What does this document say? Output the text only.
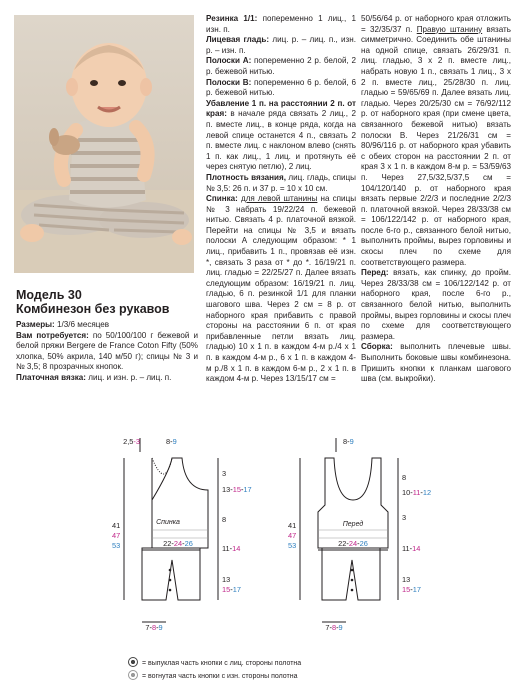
Модель 30
Комбинезон без рукавов

Размеры: 1/3/6 месяцев

Вам потребуется: по 50/100/100 г бежевой и белой пряжи Bergere de France Coton Fifty (50% хлопка, 50% акрила, 140 м/50 г); спицы № 3 и № 3,5; 8 прозрачных кнопок.

Платочная вязка: лиц. и изн. р. – лиц. п.

Резинка 1/1: попеременно 1 лиц., 1 изн. п.

Лицевая гладь: лиц. р. – лиц. п., изн. р. – изн. п.

Полоски А: попеременно 2 р. белой, 2 р. бежевой нитью.

Полоски В: попеременно 6 р. белой, 6 р. бежевой нитью.

Убавление 1 п. на расстоянии 2 п. от края: в начале ряда связать 2 лиц., 2 п. вместе лиц., в конце ряда, когда на левой спице останется 4 п., связать 2 п. вместе лиц. с наклоном влево (снять 1 п. как лиц., 1 лиц. и протянуть её через снятую петлю), 2 лиц.

Плотность вязания, лиц. гладь, спицы № 3,5: 26 п. и 37 р. = 10 х 10 см.

Спинка: для левой штанины на спицы № 3 набрать 19/22/24 п. бежевой нитью. Связать 4 р. платочной вязкой. Перейти на спицы № 3,5 и вязать полоски А следующим образом: * 1 лиц., прибавить 1 п., провязав её изн. *, связать 3 раза от * до *. 16/19/21 п. лиц. гладью = 22/25/27 п. Далее вязать следующим образом: 16/19/21 п. лиц. гладью, 6 п. резинкой 1/1 для планки шагового шва. Через 2 см = 8 р. от наборного края прибавить с правой стороны на расстоянии 6 п. от края прибавленные петли вязать лиц. гладью) 10 х 1 п. в каждом 4-м р./4 х 1 п. в каждом 4-м р., 6 х 1 п. в каждом 4-м р./8 х 1 п. в каждом 6-м р., 2 х 1 п. в каждом 4-м р. Через 13/15/17 см =

50/56/64 р. от наборного края отложить = 32/35/37 п. Правую штанину вязать симметрично. Соединить обе штанины на одной спице, связать 26/29/31 п. лиц. гладью, 3 х 2 п. вместе лиц., набрать новую 1 п., связать 1 лиц., 3 х 2 п. вместе лиц., 25/28/30 п. лиц. гладью = 59/65/69 п. Далее вязать лиц. гладью. Через 20/25/30 см = 76/92/112 р. от наборного края (при смене цвета, связанного бежевой нитью) вязать полоски В. Через 21/26/31 см = 80/96/116 р. от наборного края убавить с обеих сторон на расстоянии 2 п. от края 3 х 1 п. в каждом 8-м р. = 53/59/63 п. Через 27,5/32,5/37,5 см = 104/120/140 р. от наборного края вязать первые 2/2/3 и последние 2/2/3 п. платочной вязкой. Через 28/33/38 см = 106/122/142 р. от наборного края, после 6-го р., связанного белой нитью, выполнить проймы, вырез горловины и скосы плеч по схеме для соответствующего размера.

Перед: вязать, как спинку, до пройм. Через 28/33/38 см = 106/122/142 р. от наборного края, после 6-го р., связанного белой нитью, выполнить проймы, вырез горловины и скосы плеч по схеме для соответствующего размера.

Сборка: выполнить плечевые швы. Выполнить боковые швы комбинезона. Пришить кнопки к планкам шагового шва (см. выкройки).

Спинка	Перед
2,5-3	8-9
3
13-15-17
8
11-14
13
15-17
41
47
53	22-24-26
7-8-9
8-9
8
10-11-12
3
11-14
13
15-17
41
47
53	22-24-26
7-8-9
= выпуклая часть кнопки с лиц. стороны полотна
= вогнутая часть кнопки с изн. стороны полотна
